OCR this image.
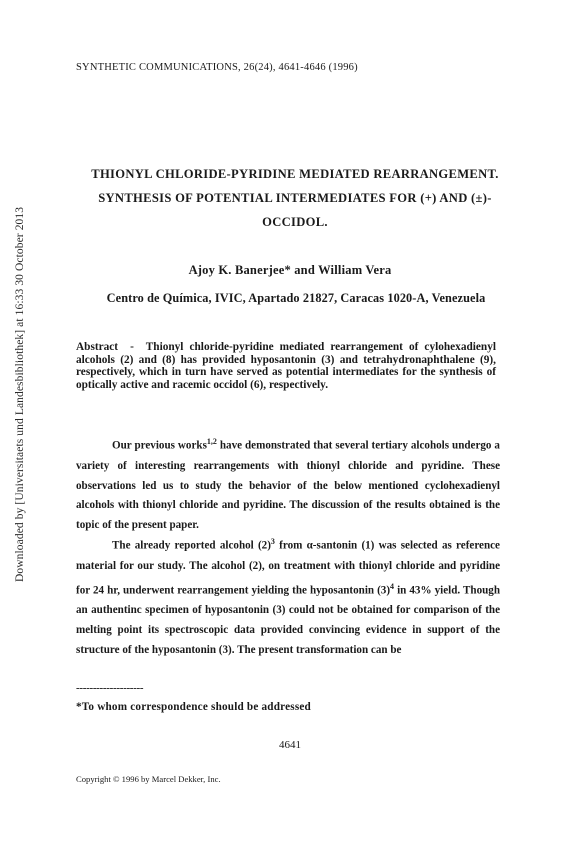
SYNTHETIC COMMUNICATIONS, 26(24), 4641-4646 (1996)
Downloaded by [Universitaets und Landesbibliothek] at 16:33 30 October 2013
THIONYL CHLORIDE-PYRIDINE MEDIATED REARRANGEMENT.
SYNTHESIS OF POTENTIAL INTERMEDIATES FOR (+) AND (±)-
OCCIDOL.
Ajoy K. Banerjee* and William Vera
Centro de Química, IVIC, Apartado 21827, Caracas 1020-A, Venezuela
Abstract - Thionyl chloride-pyridine mediated rearrangement of cylohexadienyl alcohols (2) and (8) has provided hyposantonin (3) and tetrahydronaphthalene (9), respectively, which in turn have served as potential intermediates for the synthesis of optically active and racemic occidol (6), respectively.
Our previous works$^{1,2}$ have demonstrated that several tertiary alcohols undergo a variety of interesting rearrangements with thionyl chloride and pyridine. These observations led us to study the behavior of the below mentioned cyclohexadienyl alcohols with thionyl chloride and pyridine. The discussion of the results obtained is the topic of the present paper.
The already reported alcohol $(2)^3$ from α-santonin (1) was selected as reference material for our study. The alcohol (2), on treatment with thionyl chloride and pyridine for 24 hr, underwent rearrangement yielding the hyposantonin $(3)^4$ in 43% yield. Though an authentinc specimen of hyposantonin (3) could not be obtained for comparison of the melting point its spectroscopic data provided convincing evidence in support of the structure of the hyposantonin (3). The present transformation can be
--------------------
*To whom correspondence should be addressed
4641
Copyright © 1996 by Marcel Dekker, Inc.
